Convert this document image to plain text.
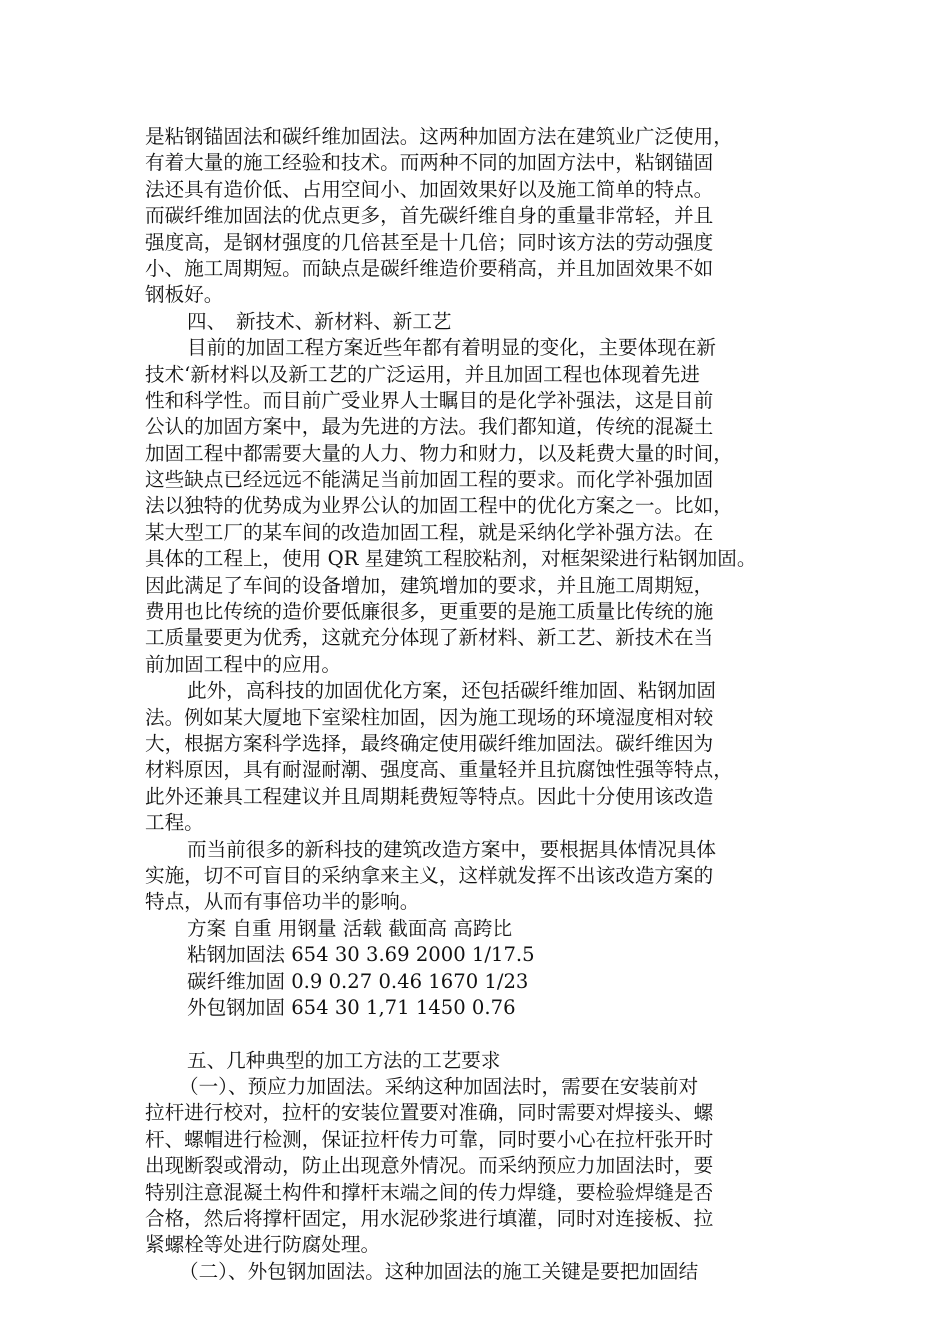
是粘钢锚固法和碳纤维加固法。这两种加固方法在建筑业广泛使用，
有着大量的施工经验和技术。而两种不同的加固方法中，粘钢锚固
法还具有造价低、占用空间小、加固效果好以及施工简单的特点。
而碳纤维加固法的优点更多，首先碳纤维自身的重量非常轻，并且
强度高，是钢材强度的几倍甚至是十几倍；同时该方法的劳动强度
小、施工周期短。而缺点是碳纤维造价要稍高，并且加固效果不如
钢板好。
四、　新技术、新材料、新工艺
目前的加固工程方案近些年都有着明显的变化，主要体现在新
技术‘新材料以及新工艺的广泛运用，并且加固工程也体现着先进
性和科学性。而目前广受业界人士瞩目的是化学补强法，这是目前
公认的加固方案中，最为先进的方法。我们都知道，传统的混凝土
加固工程中都需要大量的人力、物力和财力，以及耗费大量的时间，
这些缺点已经远远不能满足当前加固工程的要求。而化学补强加固
法以独特的优势成为业界公认的加固工程中的优化方案之一。比如，
某大型工厂的某车间的改造加固工程，就是采纳化学补强方法。在
具体的工程上，使用 QR 星建筑工程胶粘剂，对框架梁进行粘钢加固。
因此满足了车间的设备增加，建筑增加的要求，并且施工周期短，
费用也比传统的造价要低廉很多，更重要的是施工质量比传统的施
工质量要更为优秀，这就充分体现了新材料、新工艺、新技术在当
前加固工程中的应用。
此外，高科技的加固优化方案，还包括碳纤维加固、粘钢加固
法。例如某大厦地下室梁柱加固，因为施工现场的环境湿度相对较
大，根据方案科学选择，最终确定使用碳纤维加固法。碳纤维因为
材料原因，具有耐湿耐潮、强度高、重量轻并且抗腐蚀性强等特点，
此外还兼具工程建议并且周期耗费短等特点。因此十分使用该改造
工程。
而当前很多的新科技的建筑改造方案中，要根据具体情况具体
实施，切不可盲目的采纳拿来主义，这样就发挥不出该改造方案的
特点，从而有事倍功半的影响。
方案 自重 用钢量 活载 截面高 高跨比
粘钢加固法 654 30 3.69 2000 1/17.5
碳纤维加固 0.9 0.27 0.46 1670 1/23
外包钢加固 654 30 1,71 1450 0.76
五、几种典型的加工方法的工艺要求
（一）、预应力加固法。采纳这种加固法时，需要在安装前对
拉杆进行校对，拉杆的安装位置要对准确，同时需要对焊接头、螺
杆、螺帽进行检测，保证拉杆传力可靠，同时要小心在拉杆张开时
出现断裂或滑动，防止出现意外情况。而采纳预应力加固法时，要
特别注意混凝土构件和撑杆末端之间的传力焊缝，要检验焊缝是否
合格，然后将撑杆固定，用水泥砂浆进行填灌，同时对连接板、拉
紧螺栓等处进行防腐处理。
（二）、外包钢加固法。这种加固法的施工关键是要把加固结
